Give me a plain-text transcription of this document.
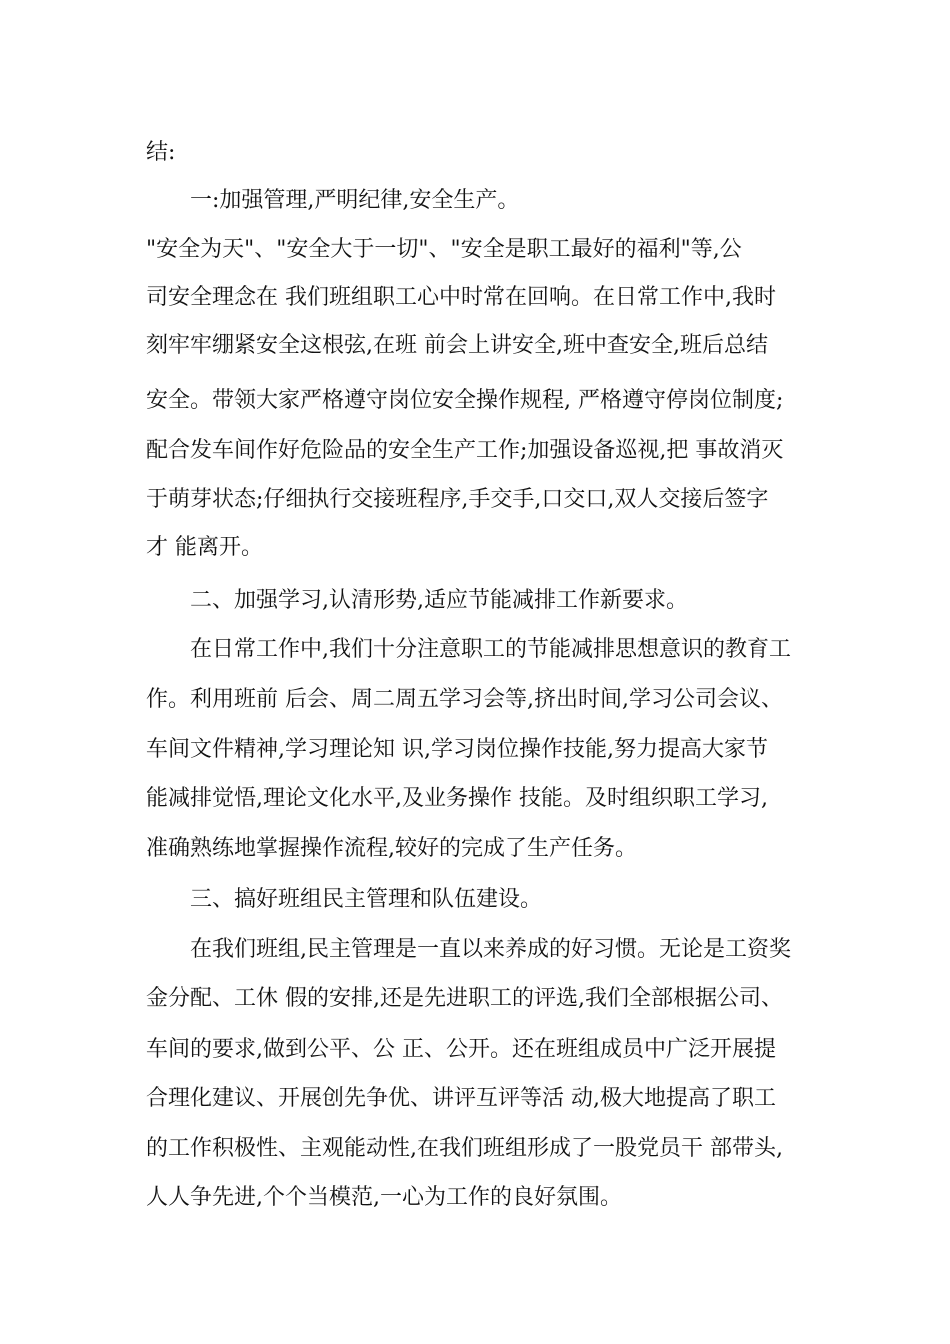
结:
一:加强管理,严明纪律,安全生产。
"安全为天"、"安全大于一切"、"安全是职工最好的福利"等,公
司安全理念在 我们班组职工心中时常在回响。在日常工作中,我时
刻牢牢绷紧安全这根弦,在班 前会上讲安全,班中查安全,班后总结
安全。带领大家严格遵守岗位安全操作规程, 严格遵守停岗位制度;
配合发车间作好危险品的安全生产工作;加强设备巡视,把 事故消灭
于萌芽状态;仔细执行交接班程序,手交手,口交口,双人交接后签字
才 能离开。
二、加强学习,认清形势,适应节能减排工作新要求。
在日常工作中,我们十分注意职工的节能减排思想意识的教育工
作。利用班前 后会、周二周五学习会等,挤出时间,学习公司会议、
车间文件精神,学习理论知 识,学习岗位操作技能,努力提高大家节
能减排觉悟,理论文化水平,及业务操作 技能。及时组织职工学习,
准确熟练地掌握操作流程,较好的完成了生产任务。
三、搞好班组民主管理和队伍建设。
在我们班组,民主管理是一直以来养成的好习惯。无论是工资奖
金分配、工休 假的安排,还是先进职工的评选,我们全部根据公司、
车间的要求,做到公平、公 正、公开。还在班组成员中广泛开展提
合理化建议、开展创先争优、讲评互评等活 动,极大地提高了职工
的工作积极性、主观能动性,在我们班组形成了一股党员干 部带头,
人人争先进,个个当模范,一心为工作的良好氛围。
